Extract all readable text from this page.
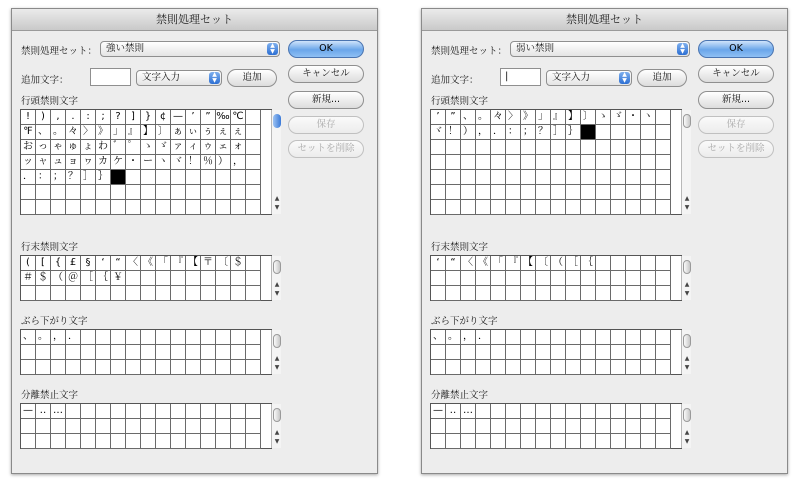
禁則処理セット
禁則処理セット： 強い禁則	▲
▼
追加文字：	文字入力	▲
▼	追加
OK
キャンセル
新規...
保存
セットを削除
行頭禁則文字
!	)	,	.	:	;	?	] } ¢ — ’	” ‰ ℃
℉ 、 。 々 〉 》 」 』 】 〕 ぁ ぃ ぅ ぇ ぇ
お っ ゃ ゅ ょ わ ゛ ゜ ゝ ゞ ァ ィ ゥ ェ ォ
ッ ャ ュ ョ ヮ カ ケ ・ ー ヽ ヾ ！ ％ ） ，
． ： ； ？ ］ ｝
▲
▼
行末禁則文字
(	[ { £ §	‘	“ 〈 《 「 『 【 〒 〔 ＄
＃ ＄ （ ＠ ［ ｛ ￥
▲
▼
ぶら下がり文字
、 。 ， ．
▲
▼
分離禁止文字
— ‥ …
▲
▼
禁則処理セット
禁則処理セット： 弱い禁則	▲
▼
追加文字：	|	文字入力	▲
▼	追加
OK
キャンセル
新規...
保存
セットを削除
行頭禁則文字
’	” 、 。 々 〉 》 」 』 】 〕 ゝ ゞ ・ ヽ
ヾ ！ ） ， ． ： ； ？ ］ ｝
▲
▼
行末禁則文字
‘	“ 〈 《 「 『 【 〔 （ ［ ｛
▲
▼
ぶら下がり文字
、 。 ， ．
▲
▼
分離禁止文字
— ‥ …
▲
▼
